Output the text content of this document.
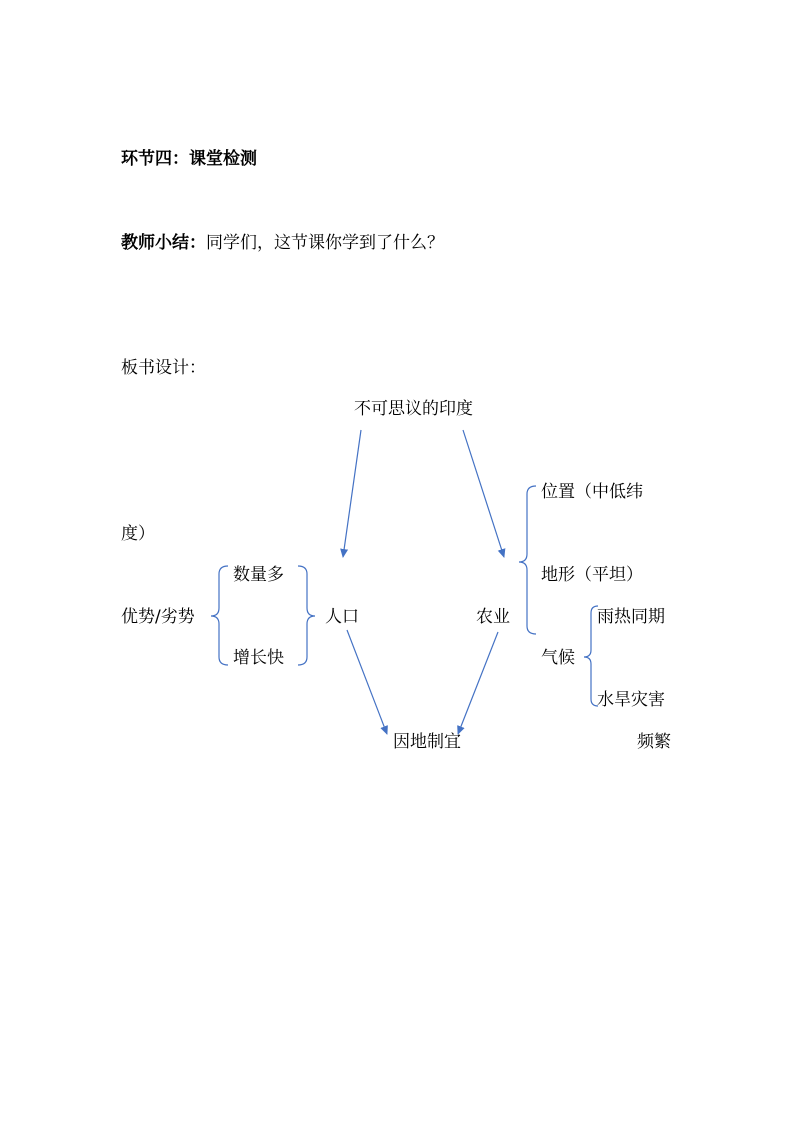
环节四：课堂检测
教师小结：同学们，这节课你学到了什么？
板书设计：
不可思议的印度
位置（中低纬
度）
数量多	地形（平坦）
优势/劣势	人口	农业	雨热同期
增长快	气候
水旱灾害
因地制宜	频繁
